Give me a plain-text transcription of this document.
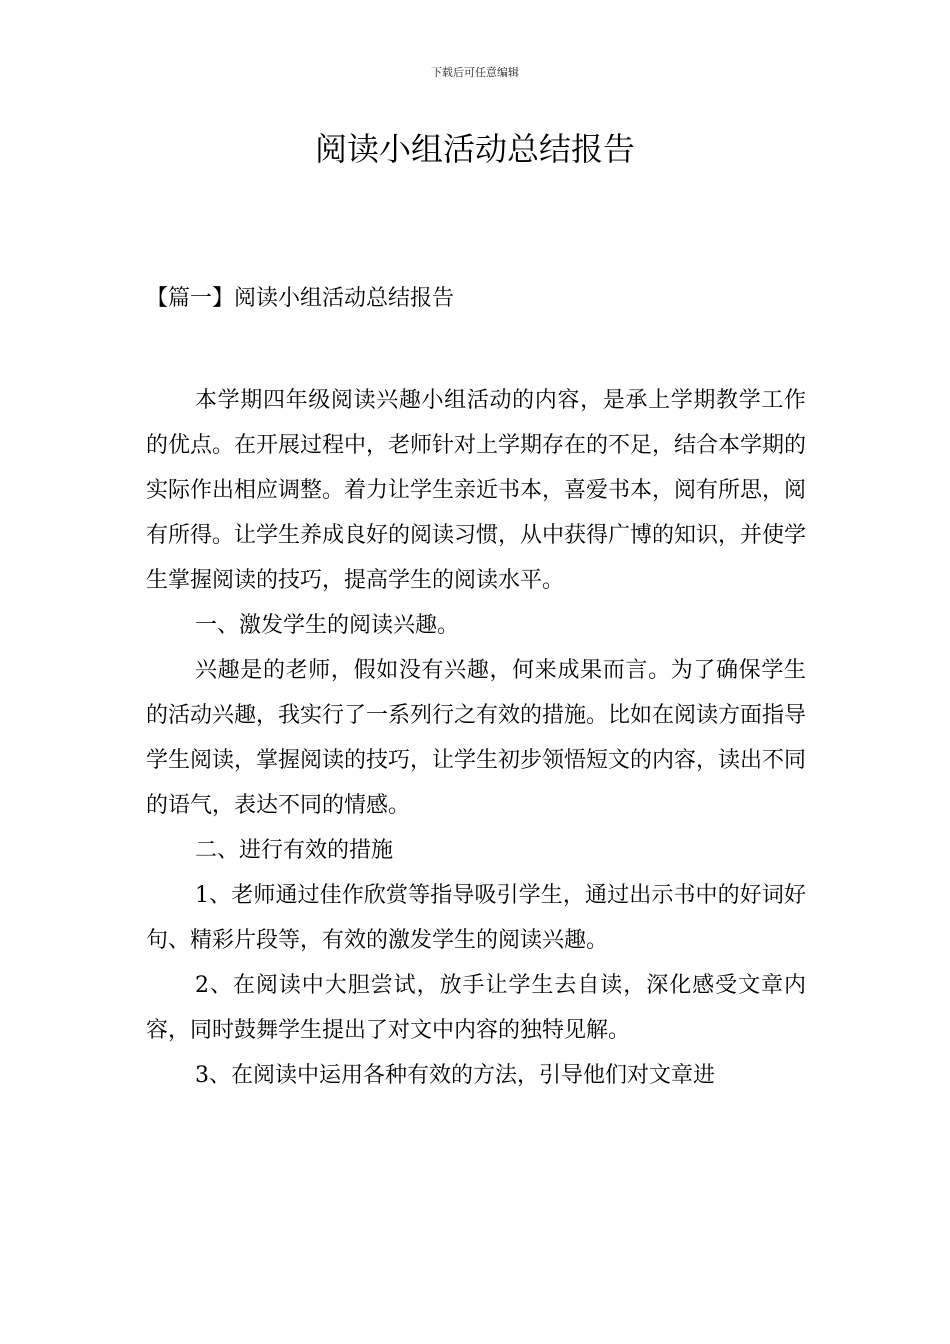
下载后可任意编辑
阅读小组活动总结报告
【篇一】阅读小组活动总结报告

本学期四年级阅读兴趣小组活动的内容，是承上学期教学工作的优点。在开展过程中，老师针对上学期存在的不足，结合本学期的实际作出相应调整。着力让学生亲近书本，喜爱书本，阅有所思，阅有所得。让学生养成良好的阅读习惯，从中获得广博的知识，并使学生掌握阅读的技巧，提高学生的阅读水平。

一、激发学生的阅读兴趣。

兴趣是的老师，假如没有兴趣，何来成果而言。为了确保学生的活动兴趣，我实行了一系列行之有效的措施。比如在阅读方面指导学生阅读，掌握阅读的技巧，让学生初步领悟短文的内容，读出不同的语气，表达不同的情感。

二、进行有效的措施

1、老师通过佳作欣赏等指导吸引学生，通过出示书中的好词好句、精彩片段等，有效的激发学生的阅读兴趣。

2、在阅读中大胆尝试，放手让学生去自读，深化感受文章内容，同时鼓舞学生提出了对文中内容的独特见解。

3、在阅读中运用各种有效的方法，引导他们对文章进
